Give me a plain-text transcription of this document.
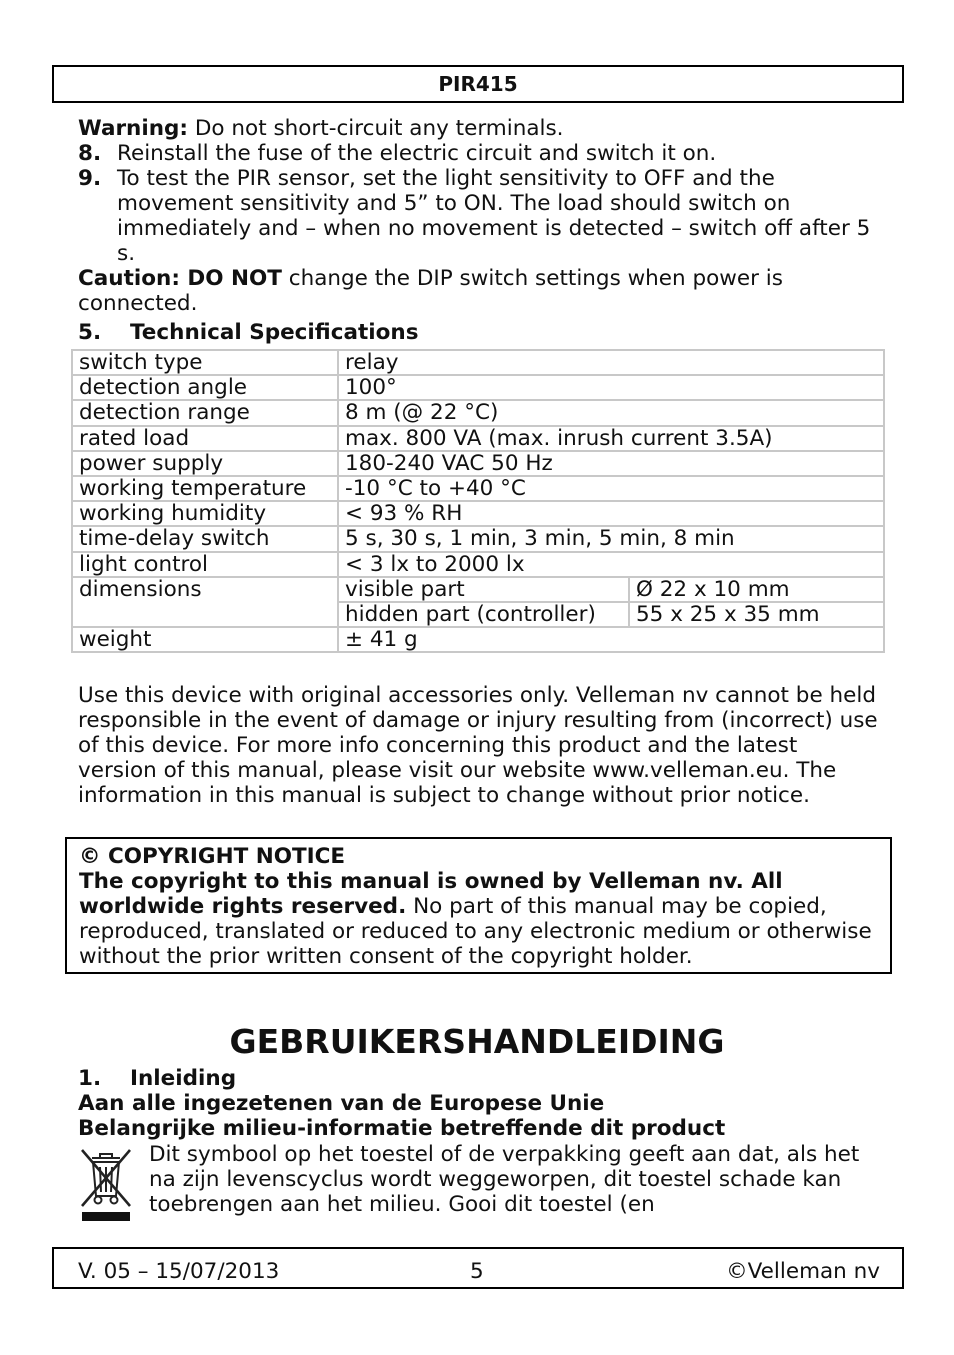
PIR415

Warning: Do not short-circuit any terminals.

8. Reinstall the fuse of the electric circuit and switch it on.
9. To test the PIR sensor, set the light sensitivity to OFF and the movement sensitivity and 5” to ON. The load should switch on immediately and – when no movement is detected – switch off after 5 s.

Caution: DO NOT change the DIP switch settings when power is connected.

5.	Technical Specifications
switch type	relay	
detection angle	100°	
detection range	8 m (@ 22 °C)	
rated load	max. 800 VA (max. inrush current 3.5A)	
power supply	180-240 VAC 50 Hz	
working temperature	-10 °C to +40 °C	
working humidity	< 93 % RH	
time-delay switch	5 s, 30 s, 1 min, 3 min, 5 min, 8 min	
light control	< 3 lx to 2000 lx	
dimensions	visible part	Ø 22 x 10 mm
	hidden part (controller)	55 x 25 x 35 mm
weight	± 41 g	

Use this device with original accessories only. Velleman nv cannot be held responsible in the event of damage or injury resulting from (incorrect) use of this device. For more info concerning this product and the latest version of this manual, please visit our website www.velleman.eu. The information in this manual is subject to change without prior notice.

© COPYRIGHT NOTICE
The copyright to this manual is owned by Velleman nv. All worldwide rights reserved. No part of this manual may be copied, reproduced, translated or reduced to any electronic medium or otherwise without the prior written consent of the copyright holder.
GEBRUIKERSHANDLEIDING
1.	Inleiding
Aan alle ingezetenen van de Europese Unie
Belangrijke milieu-informatie betreffende dit product
Dit symbool op het toestel of de verpakking geeft aan dat, als het na zijn levenscyclus wordt weggeworpen, dit toestel schade kan toebrengen aan het milieu. Gooi dit toestel (en
V. 05 – 15/07/2013	5	©Velleman nv
